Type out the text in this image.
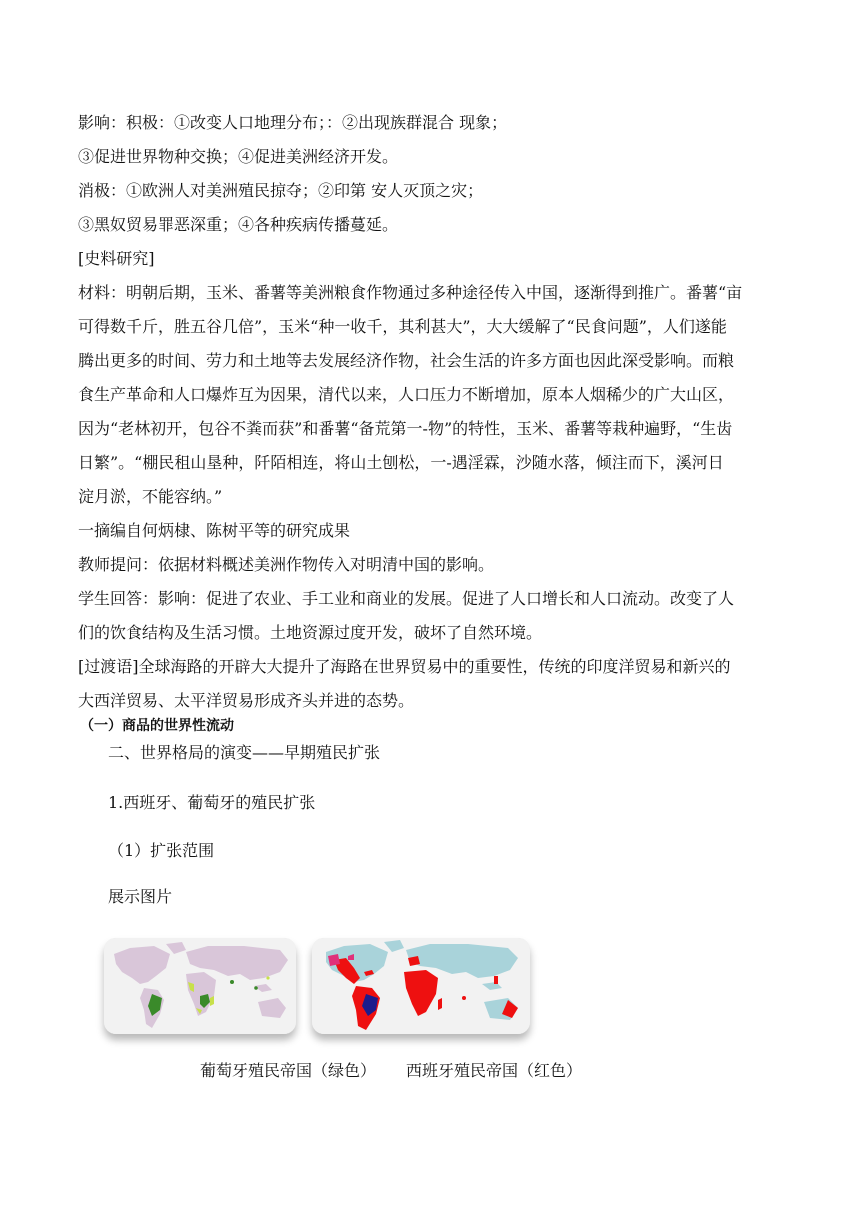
影响：积极：①改变人口地理分布；：②出现族群混合 现象；
③促进世界物种交换；④促进美洲经济开发。
消极：①欧洲人对美洲殖民掠夺；②印第 安人灭顶之灾；
③黑奴贸易罪恶深重；④各种疾病传播蔓延。
[史料研究]
材料：明朝后期，玉米、番薯等美洲粮食作物通过多种途径传入中国，逐渐得到推广。番薯“亩
可得数千斤，胜五谷几倍”，玉米“种一收千，其利甚大”，大大缓解了“民食问题”，人们遂能
腾出更多的时间、劳力和土地等去发展经济作物，社会生活的许多方面也因此深受影响。而粮
食生产革命和人口爆炸互为因果，清代以来，人口压力不断增加，原本人烟稀少的广大山区，
因为“老林初开，包谷不粪而获”和番薯“备荒第一-物”的特性，玉米、番薯等栽种遍野，“生齿
日繁”。“棚民租山垦种，阡陌相连，将山土刨松，一-遇淫霖，沙随水落，倾注而下，溪河日
淀月淤，不能容纳。”
一摘编自何炳棣、陈树平等的研究成果
教师提问：依据材料概述美洲作物传入对明清中国的影响。
学生回答：影响：促进了农业、手工业和商业的发展。促进了人口增长和人口流动。改变了人
们的饮食结构及生活习惯。土地资源过度开发，破坏了自然环境。
[过渡语]全球海路的开辟大大提升了海路在世界贸易中的重要性，传统的印度洋贸易和新兴的
大西洋贸易、太平洋贸易形成齐头并进的态势。
（一）商品的世界性流动
二、世界格局的演变——早期殖民扩张
1.西班牙、葡萄牙的殖民扩张
（1）扩张范围
展示图片
葡萄牙殖民帝国（绿色） 西班牙殖民帝国（红色）
